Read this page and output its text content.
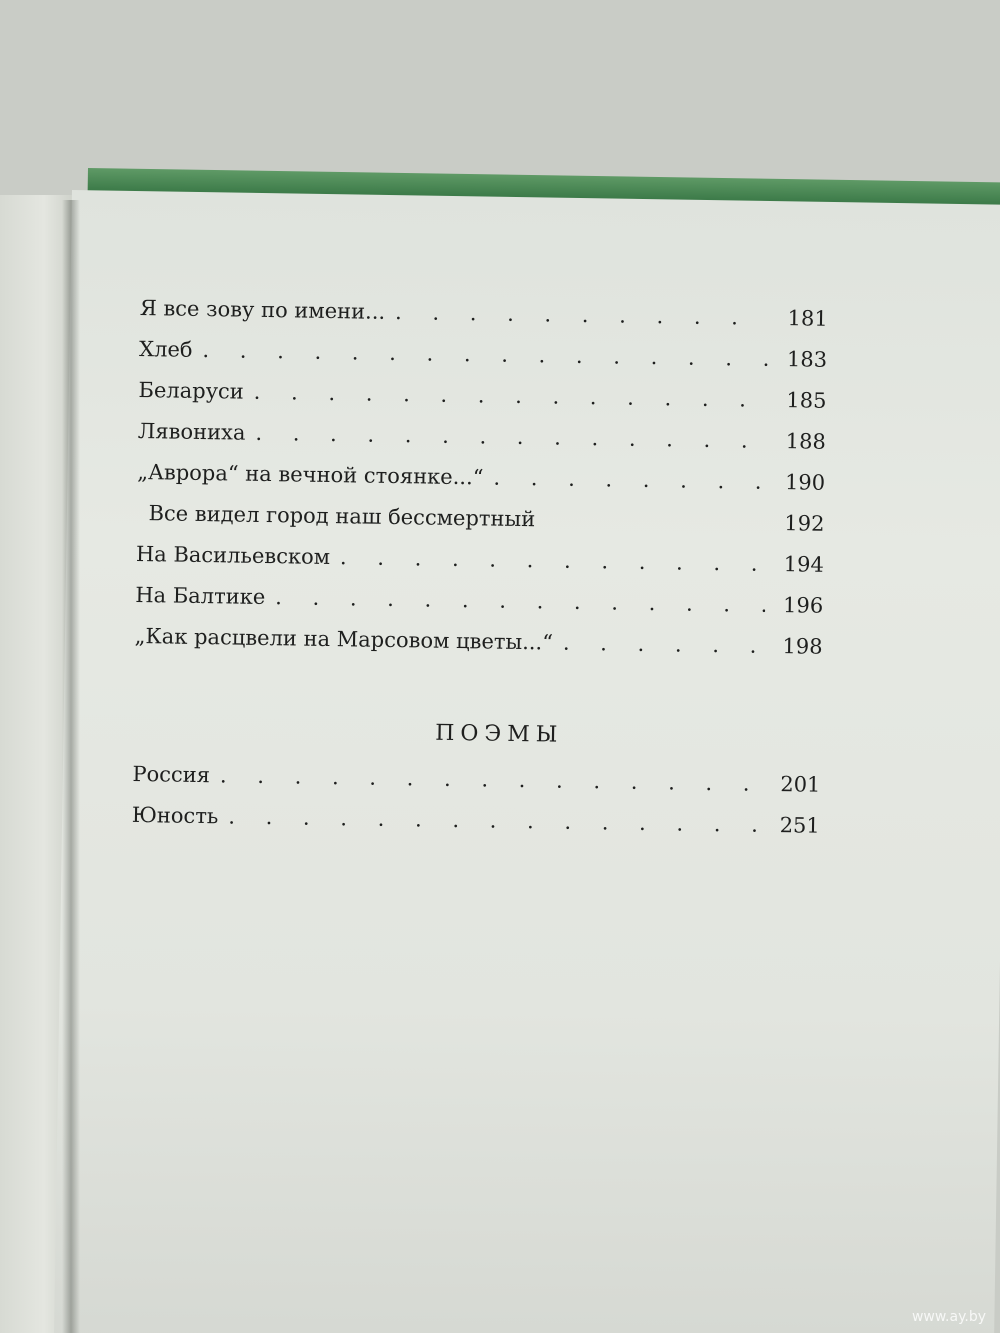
Я все зову по имени... . . .	181
Хлеб . . .	183
Беларуси . . .	185
Лявониха . . .	188
„Аврора“ на вечной стоянке...“ . . .	190
Все видел город наш бессмертный	192
На Васильевском . . .	194
На Балтике . . .	196
„Как расцвели на Марсовом цветы...“ . . .	198
ПОЭМЫ
Россия . . .	201
Юность . . .	251
www.ay.by
